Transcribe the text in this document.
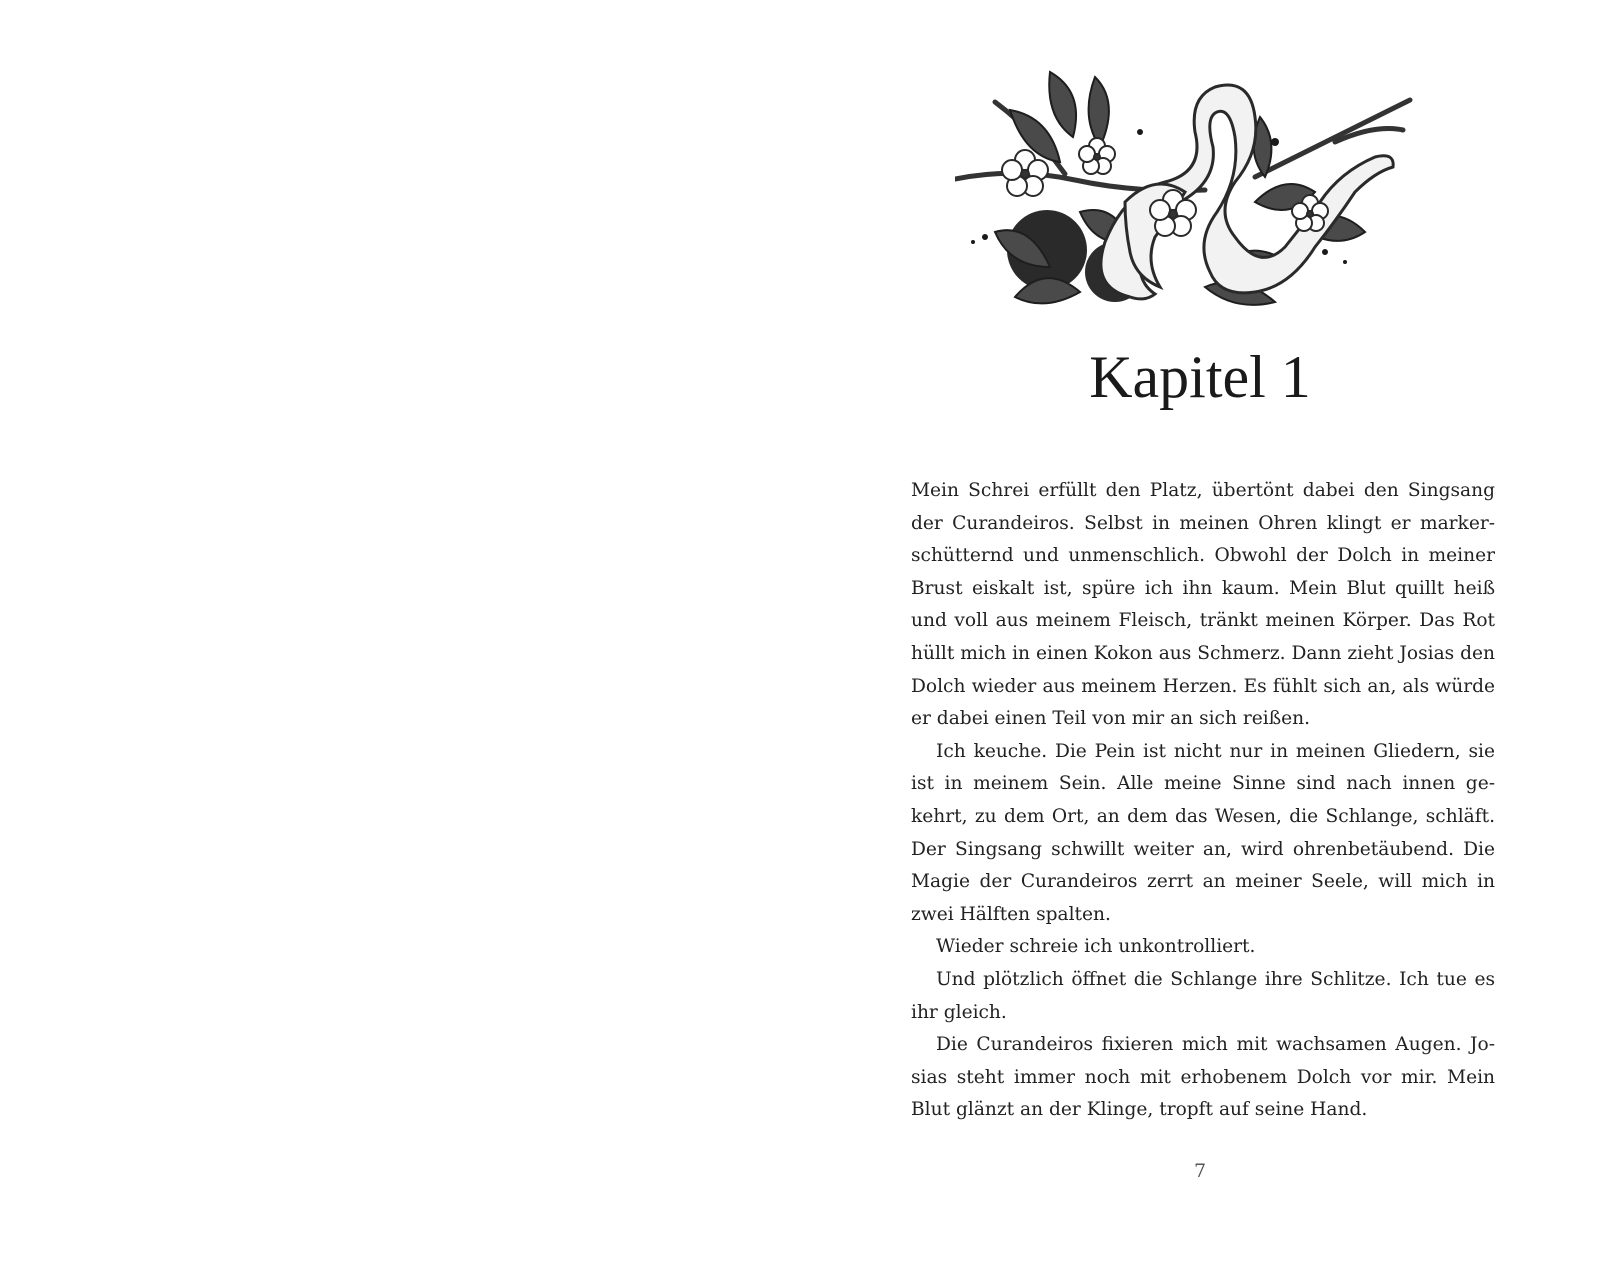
Kapitel 1
Mein Schrei erfüllt den Platz, übertönt dabei den Singsang
der Curandeiros. Selbst in meinen Ohren klingt er marker-
schütternd und unmenschlich. Obwohl der Dolch in meiner
Brust eiskalt ist, spüre ich ihn kaum. Mein Blut quillt heiß
und voll aus meinem Fleisch, tränkt meinen Körper. Das Rot
hüllt mich in einen Kokon aus Schmerz. Dann zieht Josias den
Dolch wieder aus meinem Herzen. Es fühlt sich an, als würde
er dabei einen Teil von mir an sich reißen.
Ich keuche. Die Pein ist nicht nur in meinen Gliedern, sie
ist in meinem Sein. Alle meine Sinne sind nach innen ge-
kehrt, zu dem Ort, an dem das Wesen, die Schlange, schläft.
Der Singsang schwillt weiter an, wird ohrenbetäubend. Die
Magie der Curandeiros zerrt an meiner Seele, will mich in
zwei Hälften spalten.
Wieder schreie ich unkontrolliert.
Und plötzlich öffnet die Schlange ihre Schlitze. Ich tue es
ihr gleich.
Die Curandeiros fixieren mich mit wachsamen Augen. Jo-
sias steht immer noch mit erhobenem Dolch vor mir. Mein
Blut glänzt an der Klinge, tropft auf seine Hand.
7
